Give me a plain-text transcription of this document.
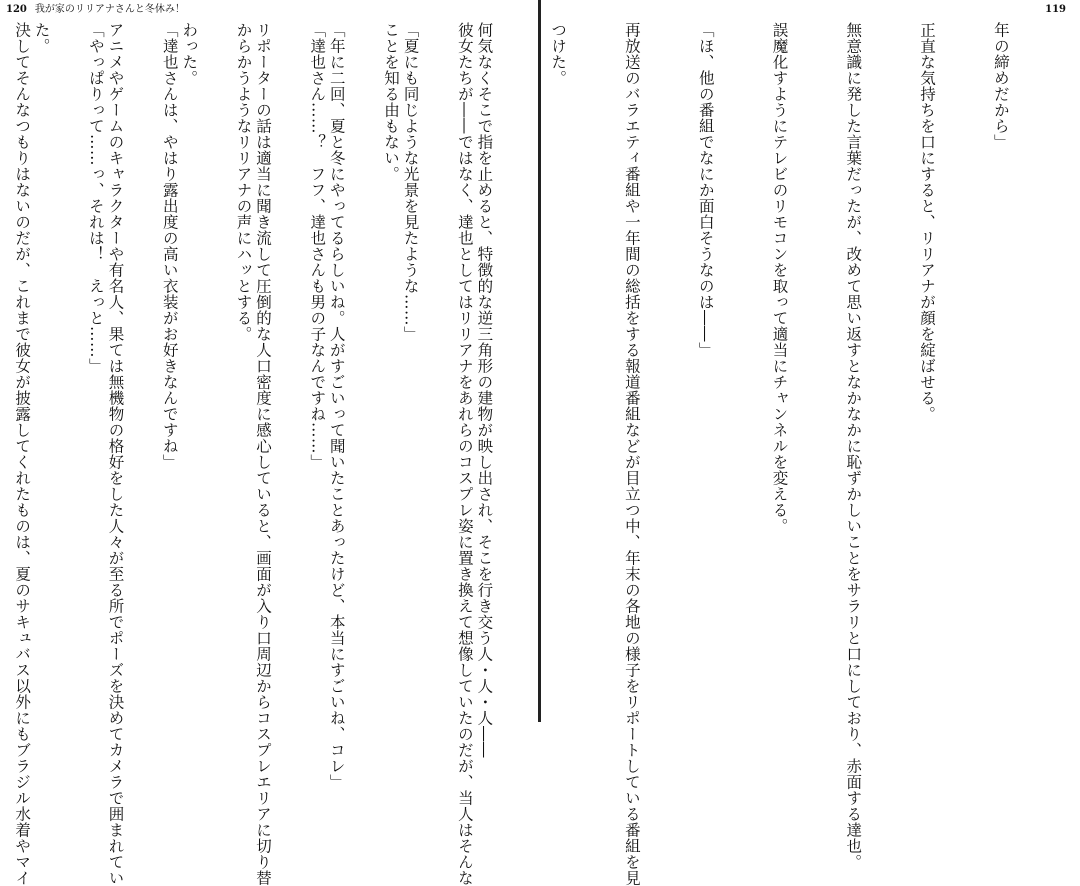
120 我が家のリリアナさんと冬休み！

彼女たちが――ではなく、達也としてはリリアナをあれらのコスプレ姿に置き換えて想像していたのだが、当人はそんな

ことを知る由もない。

「達也さん……？　フフ、達也さんも男の子なんですね……」

からかうようなリリアナの声にハッとする。

「達也さんは、やはり露出度の高い衣装がお好きなんですね」

「やっぱりって……っ、それは！　えっと……」

決してそんなつもりはないのだが、これまで彼女が披露してくれたものは、夏のサキュバス以外にもブラジル水着やマイ

119

年の締めだから」

正直な気持ちを口にすると、リリアナが顔を綻ばせる。

無意識に発した言葉だったが、改めて思い返すとなかなかに恥ずかしいことをサラリと口にしており、赤面する達也。

誤魔化すようにテレビのリモコンを取って適当にチャンネルを変える。

「ほ、他の番組でなにか面白そうなのは――」

再放送のバラエティ番組や一年間の総括をする報道番組などが目立つ中、年末の各地の様子をリポートしている番組を見

つけた。

何気なくそこで指を止めると、特徴的な逆三角形の建物が映し出され、そこを行き交う人・人・人――

「夏にも同じような光景を見たような……」

「年に二回、夏と冬にやってるらしいね。人がすごいって聞いたことあったけど、本当にすごいね、コレ」

リポーターの話は適当に聞き流して圧倒的な人口密度に感心していると、画面が入り口周辺からコスプレエリアに切り替

わった。

アニメやゲームのキャラクターや有名人、果ては無機物の格好をした人々が至る所でポーズを決めてカメラで囲まれてい

た。
